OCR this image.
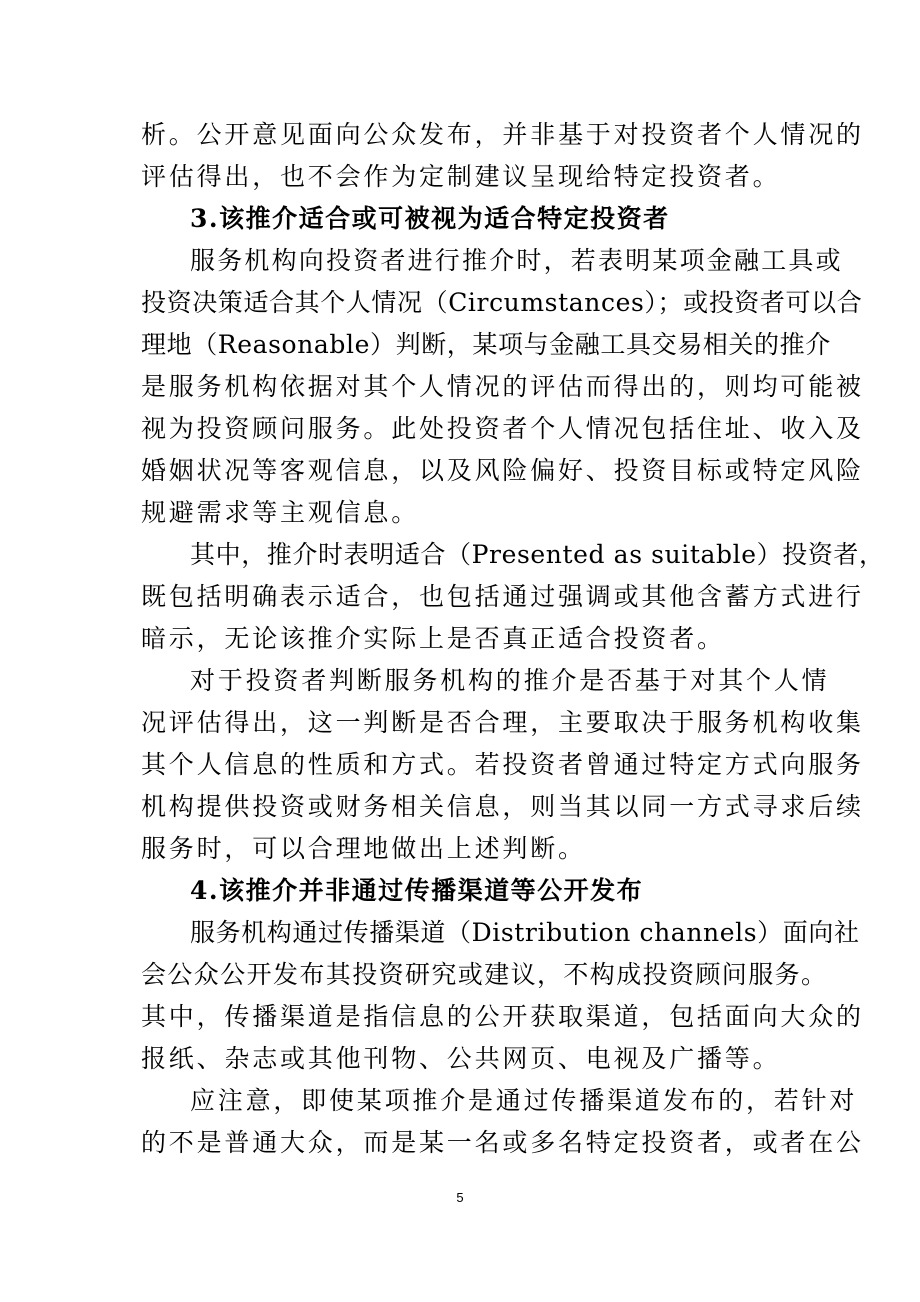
析。公开意见面向公众发布，并非基于对投资者个人情况的
评估得出，也不会作为定制建议呈现给特定投资者。
3.该推介适合或可被视为适合特定投资者
服务机构向投资者进行推介时，若表明某项金融工具或
投资决策适合其个人情况（Circumstances）；或投资者可以合
理地（Reasonable）判断，某项与金融工具交易相关的推介
是服务机构依据对其个人情况的评估而得出的，则均可能被
视为投资顾问服务。此处投资者个人情况包括住址、收入及
婚姻状况等客观信息，以及风险偏好、投资目标或特定风险
规避需求等主观信息。
其中，推介时表明适合（Presented as suitable）投资者，
既包括明确表示适合，也包括通过强调或其他含蓄方式进行
暗示，无论该推介实际上是否真正适合投资者。
对于投资者判断服务机构的推介是否基于对其个人情
况评估得出，这一判断是否合理，主要取决于服务机构收集
其个人信息的性质和方式。若投资者曾通过特定方式向服务
机构提供投资或财务相关信息，则当其以同一方式寻求后续
服务时，可以合理地做出上述判断。
4.该推介并非通过传播渠道等公开发布
服务机构通过传播渠道（Distribution channels）面向社
会公众公开发布其投资研究或建议，不构成投资顾问服务。
其中，传播渠道是指信息的公开获取渠道，包括面向大众的
报纸、杂志或其他刊物、公共网页、电视及广播等。
应注意，即使某项推介是通过传播渠道发布的，若针对
的不是普通大众，而是某一名或多名特定投资者，或者在公
5
